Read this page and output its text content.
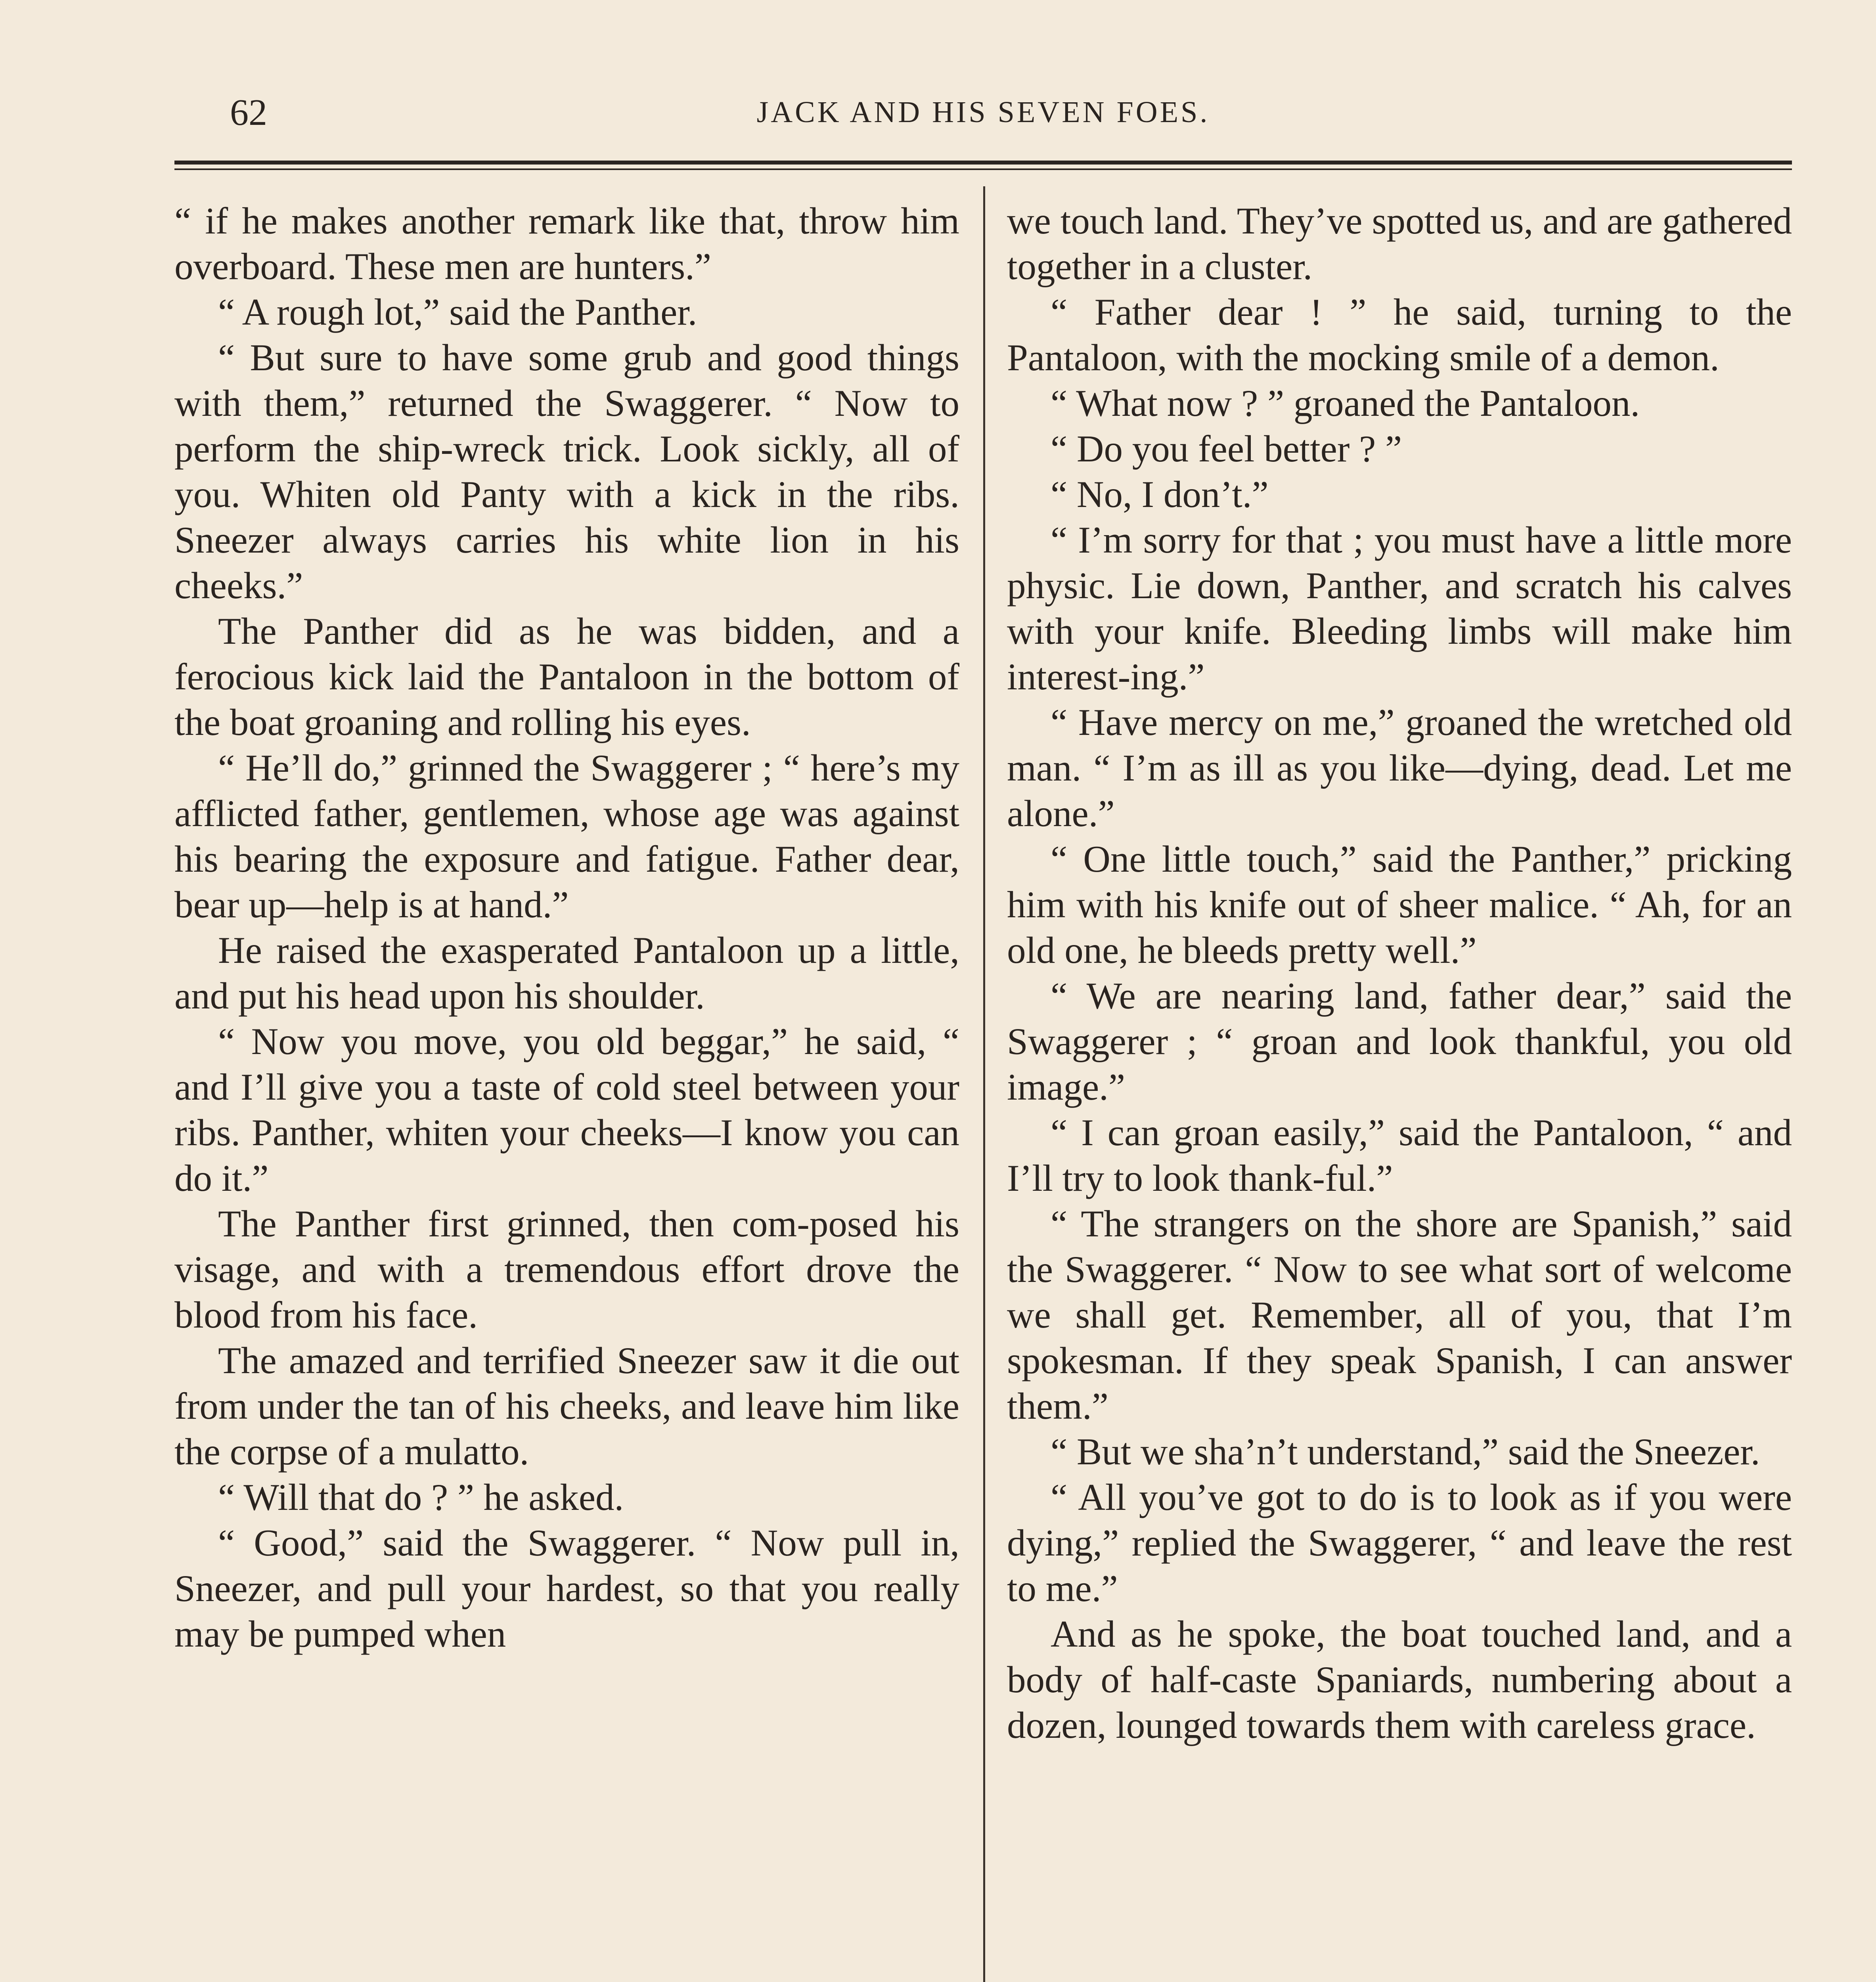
62	JACK AND HIS SEVEN FOES.

“ if he makes another remark like that, throw him overboard. These men are hunters.”

“ A rough lot,” said the Panther.

“ But sure to have some grub and good things with them,” returned the Swaggerer. “ Now to perform the ship-wreck trick. Look sickly, all of you. Whiten old Panty with a kick in the ribs. Sneezer always carries his white lion in his cheeks.”

The Panther did as he was bidden, and a ferocious kick laid the Pantaloon in the bottom of the boat groaning and rolling his eyes.

“ He’ll do,” grinned the Swaggerer ; “ here’s my afflicted father, gentlemen, whose age was against his bearing the exposure and fatigue. Father dear, bear up—help is at hand.”

He raised the exasperated Pantaloon up a little, and put his head upon his shoulder.

“ Now you move, you old beggar,” he said, “ and I’ll give you a taste of cold steel between your ribs. Panther, whiten your cheeks—I know you can do it.”

The Panther first grinned, then com-posed his visage, and with a tremendous effort drove the blood from his face.

The amazed and terrified Sneezer saw it die out from under the tan of his cheeks, and leave him like the corpse of a mulatto.

“ Will that do ? ” he asked.

“ Good,” said the Swaggerer. “ Now pull in, Sneezer, and pull your hardest, so that you really may be pumped when

we touch land. They’ve spotted us, and are gathered together in a cluster.

“ Father dear ! ” he said, turning to the Pantaloon, with the mocking smile of a demon.

“ What now ? ” groaned the Pantaloon.

“ Do you feel better ? ”

“ No, I don’t.”

“ I’m sorry for that ; you must have a little more physic. Lie down, Panther, and scratch his calves with your knife. Bleeding limbs will make him interest-ing.”

“ Have mercy on me,” groaned the wretched old man. “ I’m as ill as you like—dying, dead. Let me alone.”

“ One little touch,” said the Panther,” pricking him with his knife out of sheer malice. “ Ah, for an old one, he bleeds pretty well.”

“ We are nearing land, father dear,” said the Swaggerer ; “ groan and look thankful, you old image.”

“ I can groan easily,” said the Pantaloon, “ and I’ll try to look thank-ful.”

“ The strangers on the shore are Spanish,” said the Swaggerer. “ Now to see what sort of welcome we shall get. Remember, all of you, that I’m spokesman. If they speak Spanish, I can answer them.”

“ But we sha’n’t understand,” said the Sneezer.

“ All you’ve got to do is to look as if you were dying,” replied the Swaggerer, “ and leave the rest to me.”

And as he spoke, the boat touched land, and a body of half-caste Spaniards, numbering about a dozen, lounged towards them with careless grace.
